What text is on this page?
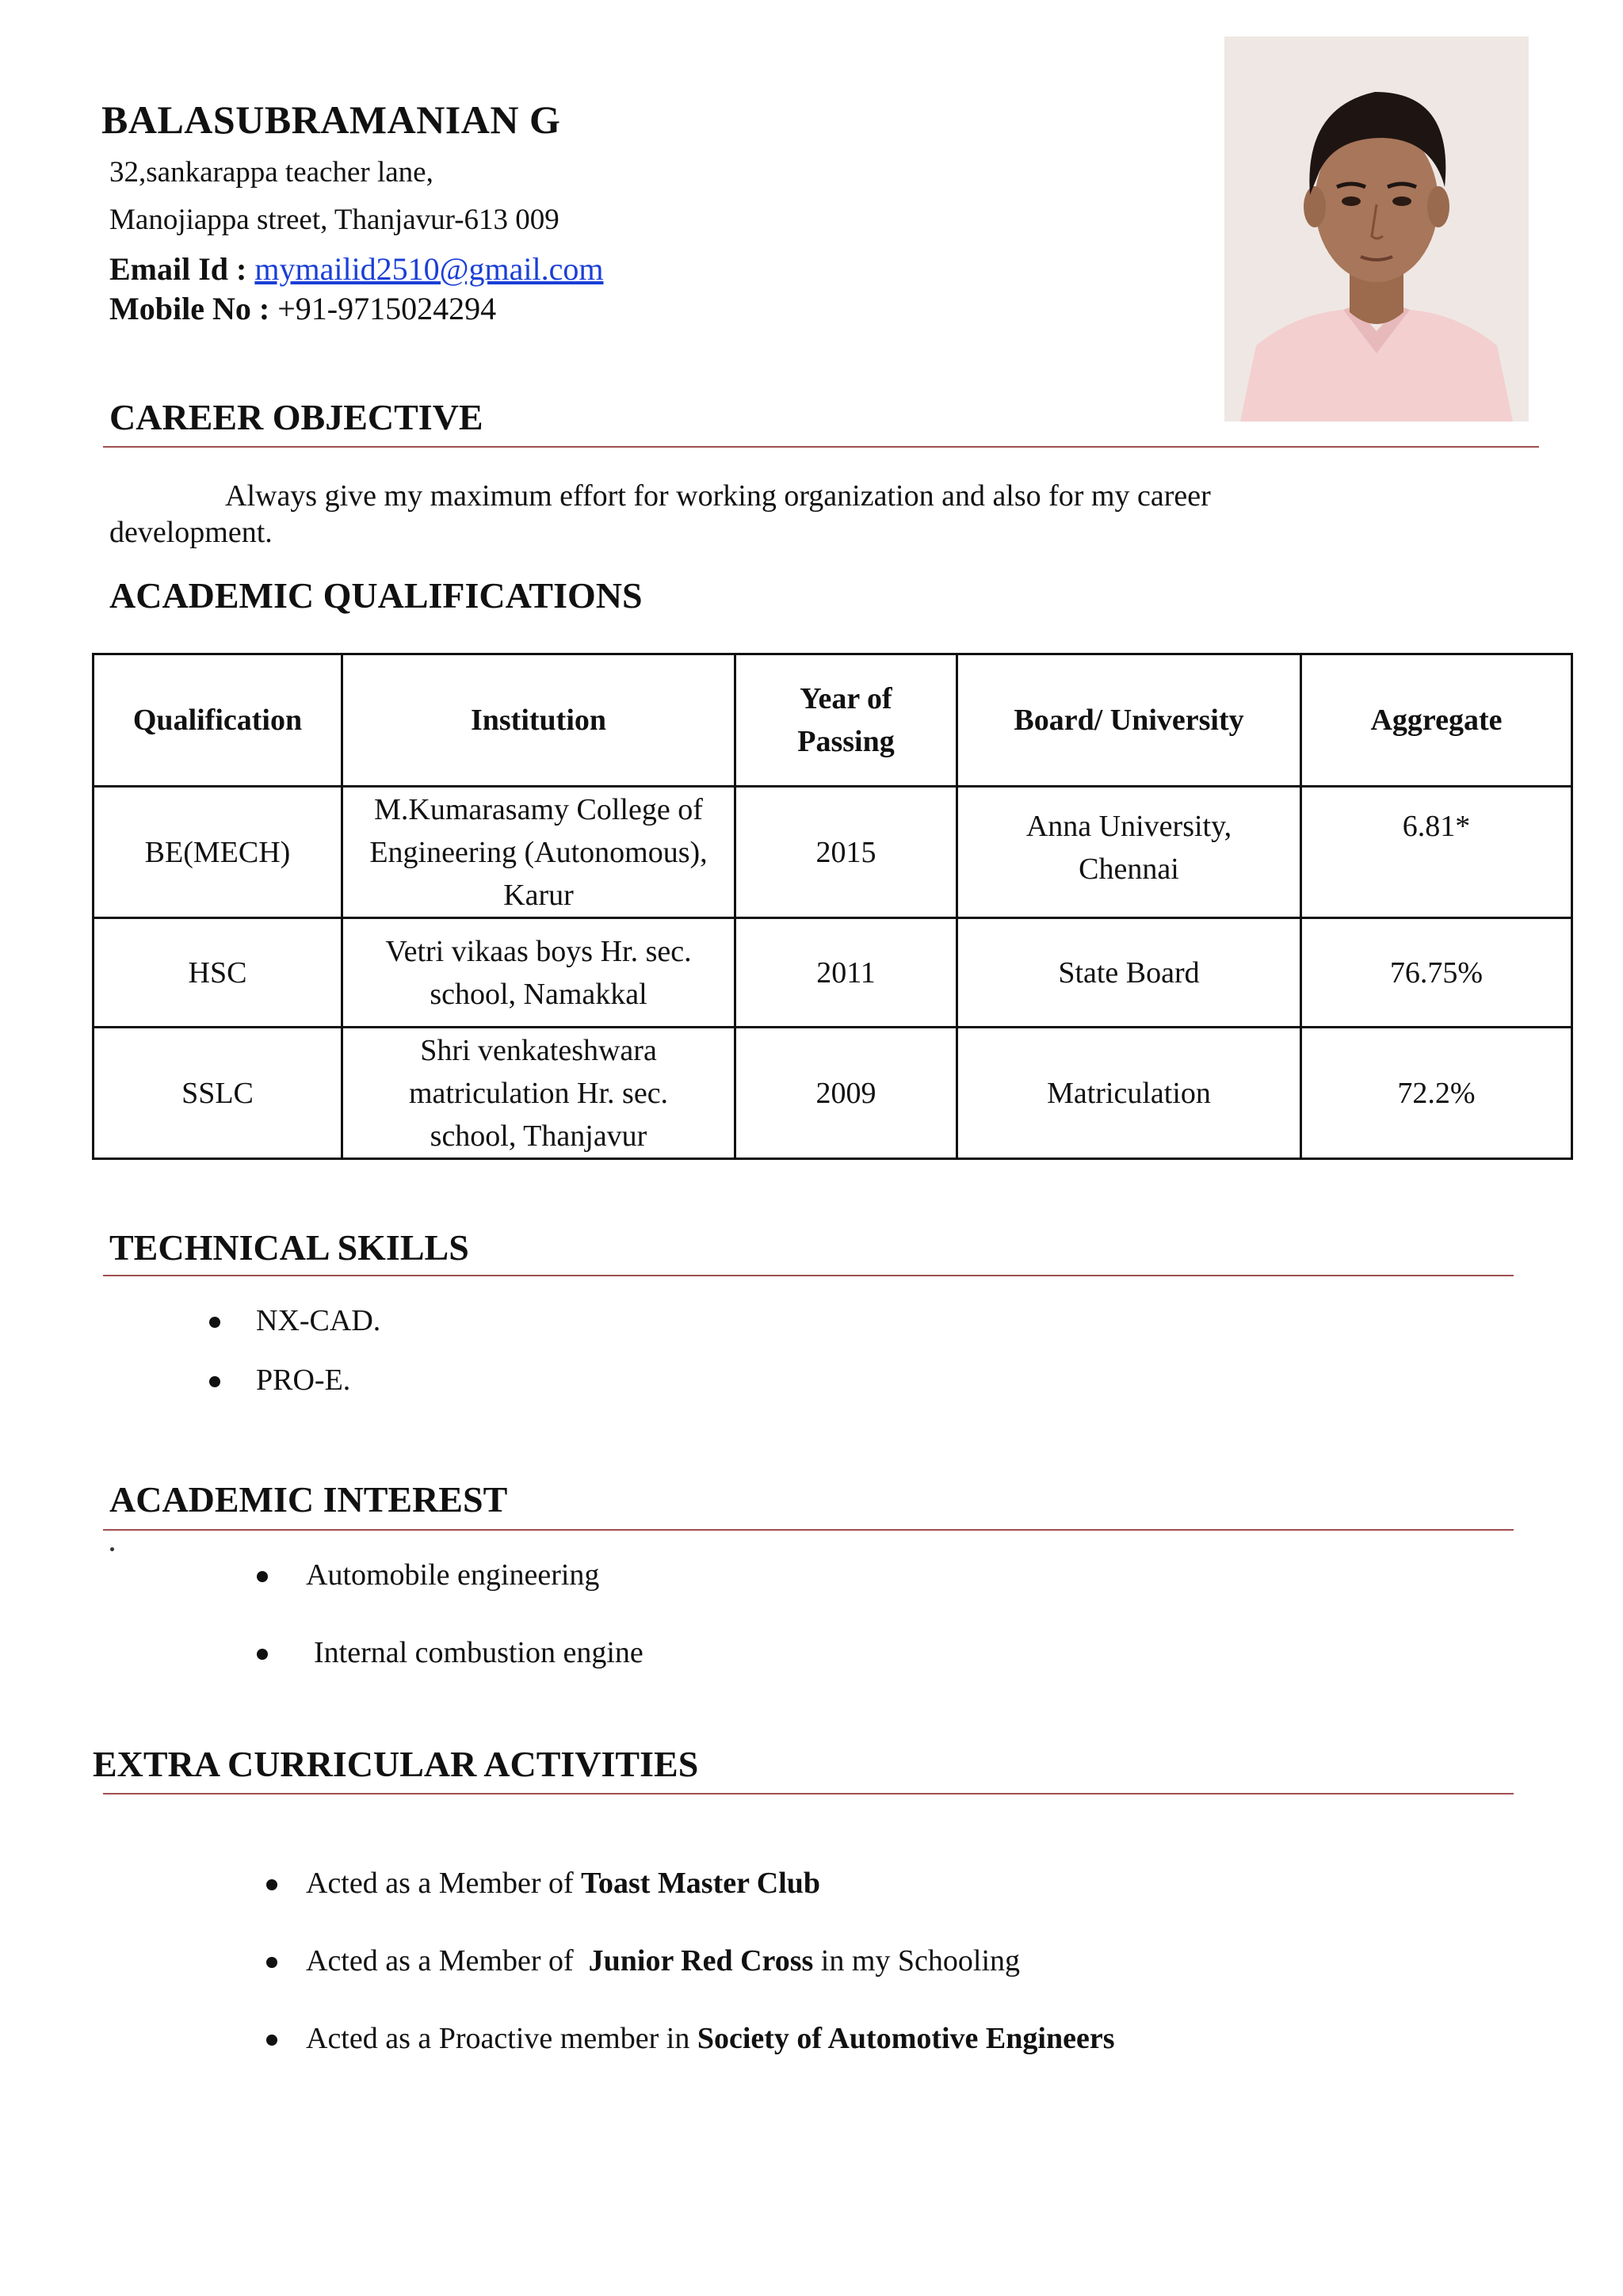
BALASUBRAMANIAN G
32,sankarappa teacher lane,
Manojiappa street, Thanjavur-613 009
Email Id : mymailid2510@gmail.com
Mobile No : +91-9715024294
CAREER OBJECTIVE
Always give my maximum effort for working organization and also for my career
development.
ACADEMIC QUALIFICATIONS
Qualification	Institution	Year of Passing	Board/ University	Aggregate
BE(MECH)	M.Kumarasamy College of Engineering (Autonomous), Karur	2015	Anna University, Chennai	6.81*
HSC	Vetri vikaas boys Hr. sec. school, Namakkal	2011	State Board	76.75%
SSLC	Shri venkateshwara matriculation Hr. sec. school, Thanjavur	2009	Matriculation	72.2%
TECHNICAL SKILLS
NX-CAD.
PRO-E.
ACADEMIC INTEREST
Automobile engineering
Internal combustion engine
EXTRA CURRICULAR ACTIVITIES
Acted as a Member of Toast Master Club
Acted as a Member of  Junior Red Cross in my Schooling
Acted as a Proactive member in Society of Automotive Engineers
